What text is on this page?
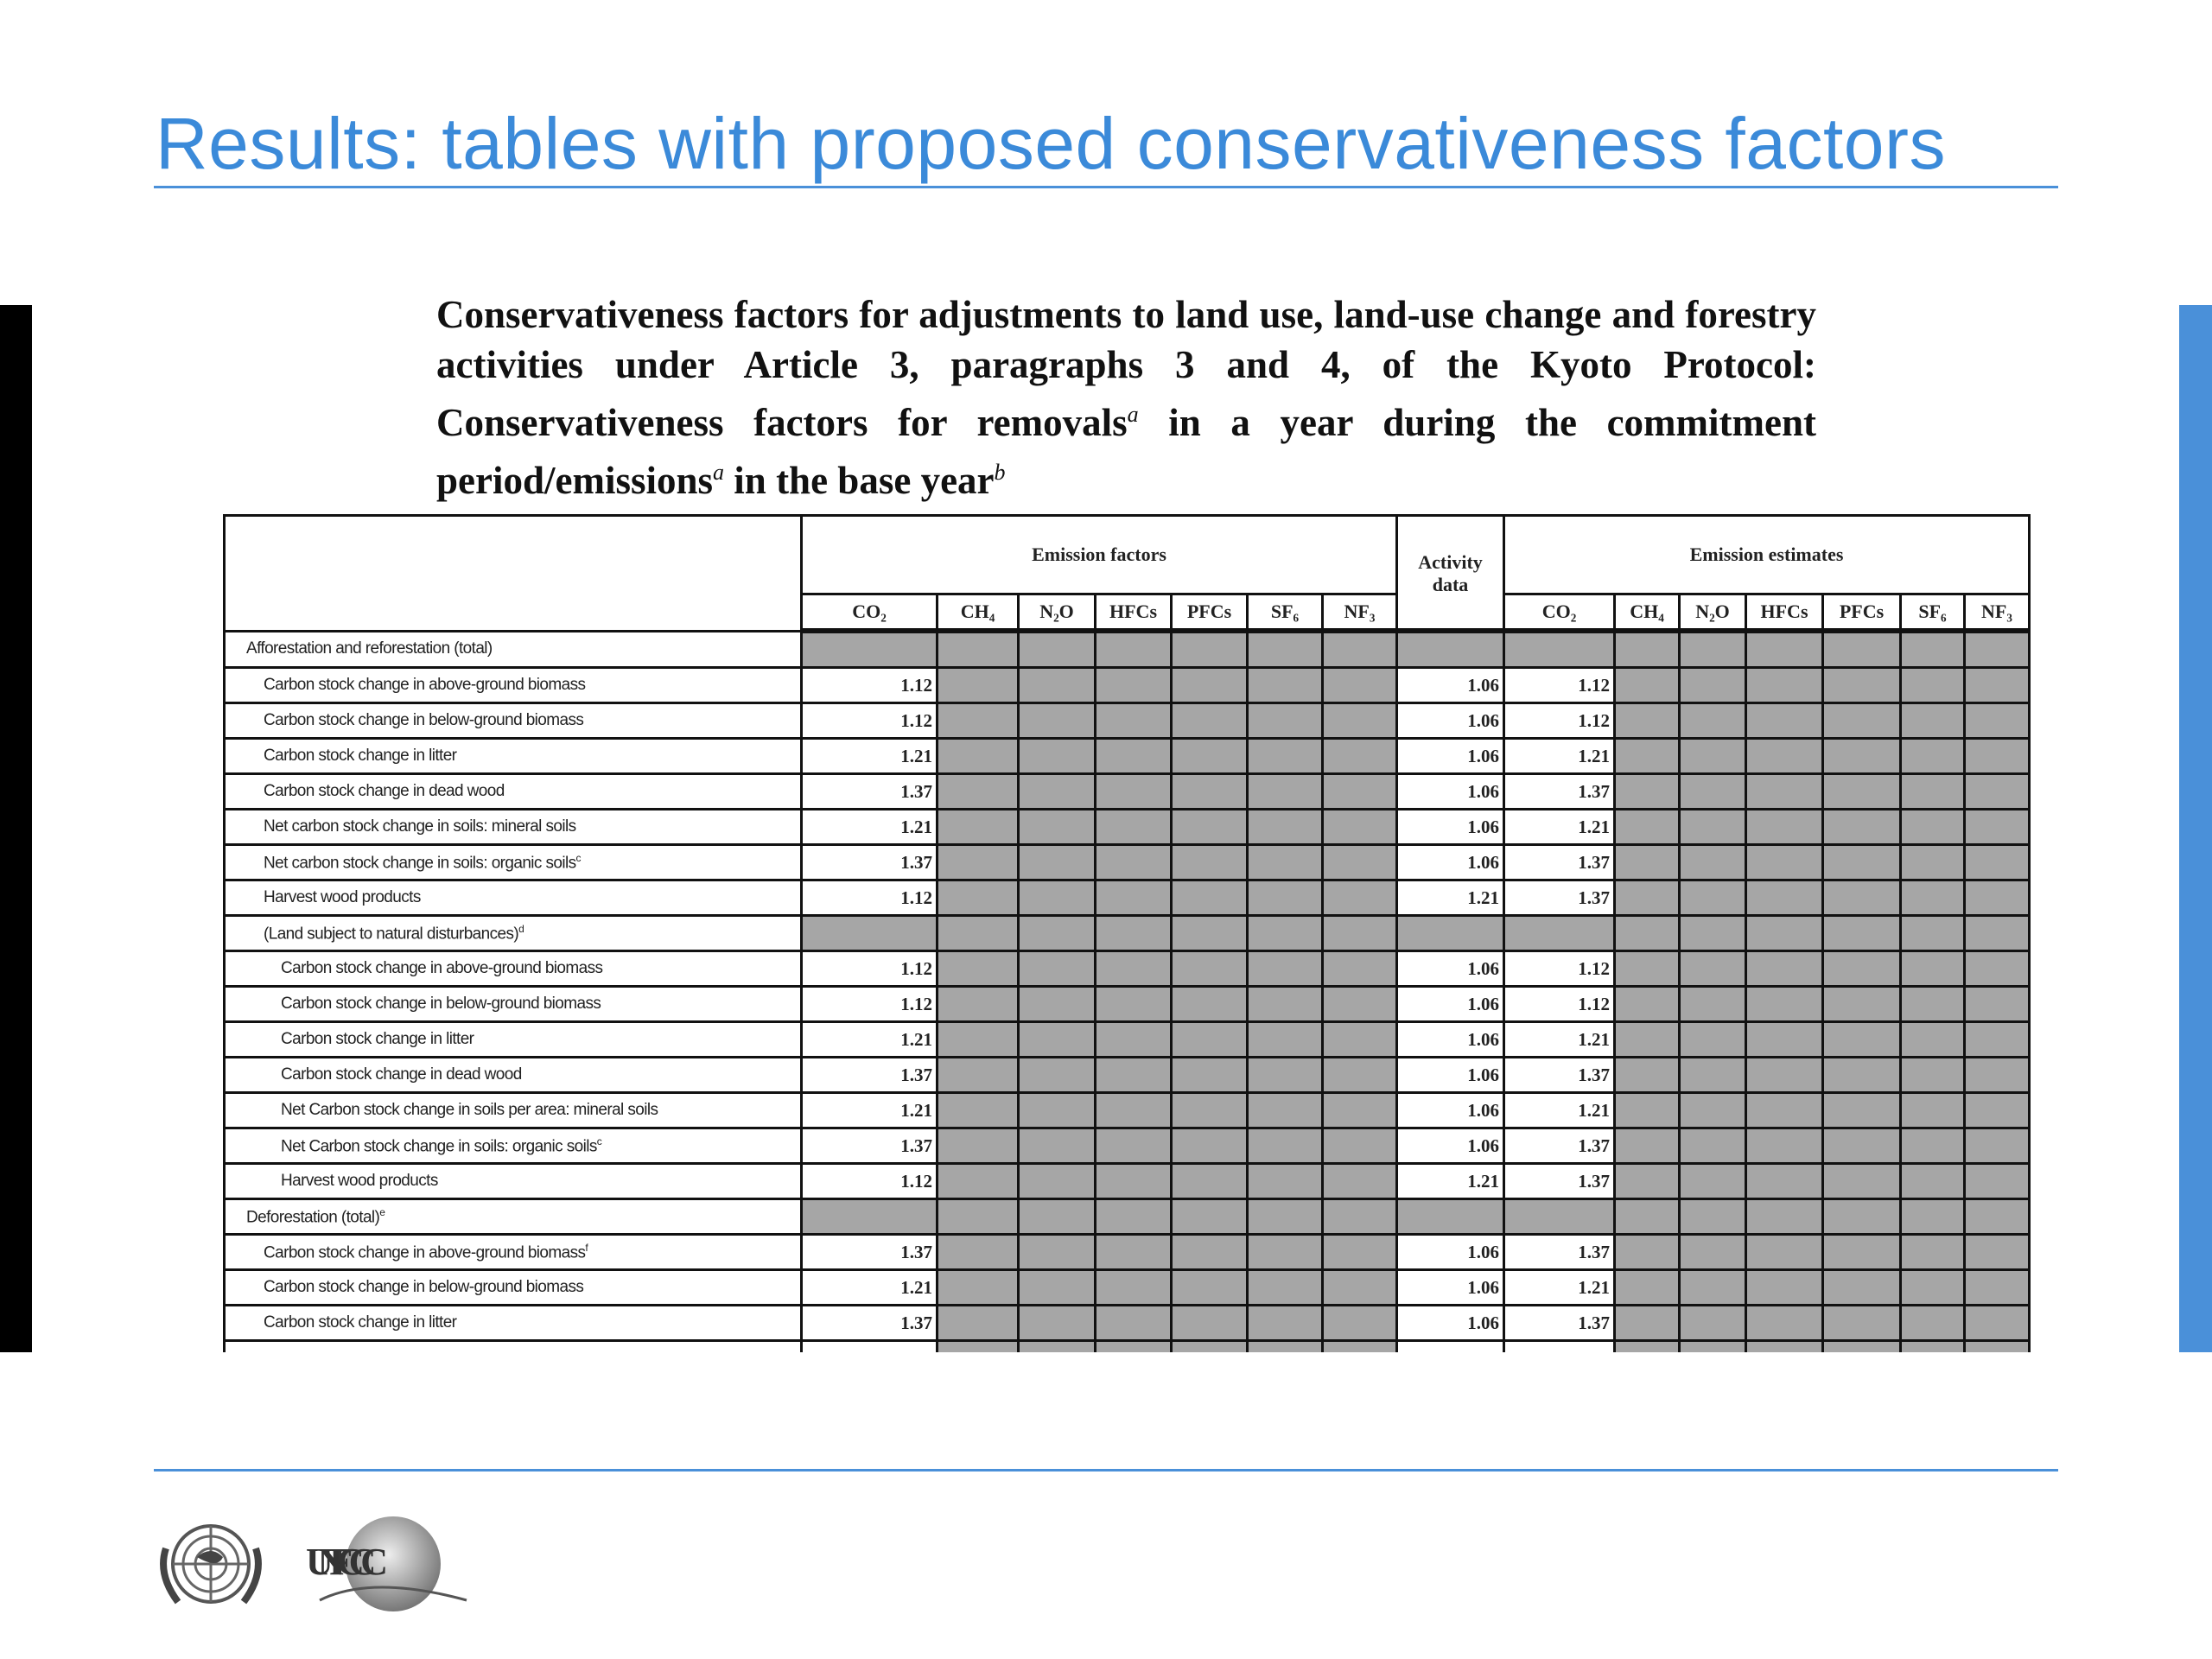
Results: tables with proposed conservativeness factors
Conservativeness factors for adjustments to land use, land-use change and forestry activities under Article 3, paragraphs 3 and 4, of the Kyoto Protocol: Conservativeness factors for removals$^a$ in a year during the commitment period/emissions$^a$ in the base year$^b$
	Emission factors							Activity data	Emission estimates						
	CO₂	CH₄	N₂O	HFCs	PFCs	SF₆	NF₃		CO₂	CH₄	N₂O	HFCs	PFCs	SF₆	NF₃
Afforestation and reforestation (total)															
Carbon stock change in above-ground biomass	1.12							1.06	1.12						
Carbon stock change in below-ground biomass	1.12							1.06	1.12						
Carbon stock change in litter	1.21							1.06	1.21						
Carbon stock change in dead wood	1.37							1.06	1.37						
Net carbon stock change in soils: mineral soils	1.21							1.06	1.21						
Net carbon stock change in soils: organic soils$^c$	1.37							1.06	1.37						
Harvest wood products	1.12							1.21	1.37						
(Land subject to natural disturbances)$^d$															
Carbon stock change in above-ground biomass	1.12							1.06	1.12						
Carbon stock change in below-ground biomass	1.12							1.06	1.12						
Carbon stock change in litter	1.21							1.06	1.21						
Carbon stock change in dead wood	1.37							1.06	1.37						
Net Carbon stock change in soils per area: mineral soils	1.21							1.06	1.21						
Net Carbon stock change in soils: organic soils$^c$	1.37							1.06	1.37						
Harvest wood products	1.12							1.21	1.37						
Deforestation (total)$^e$															
Carbon stock change in above-ground biomass$^f$	1.37							1.06	1.37						
Carbon stock change in below-ground biomass	1.21							1.06	1.21						
Carbon stock change in litter	1.37							1.06	1.37						

UNFCCC
